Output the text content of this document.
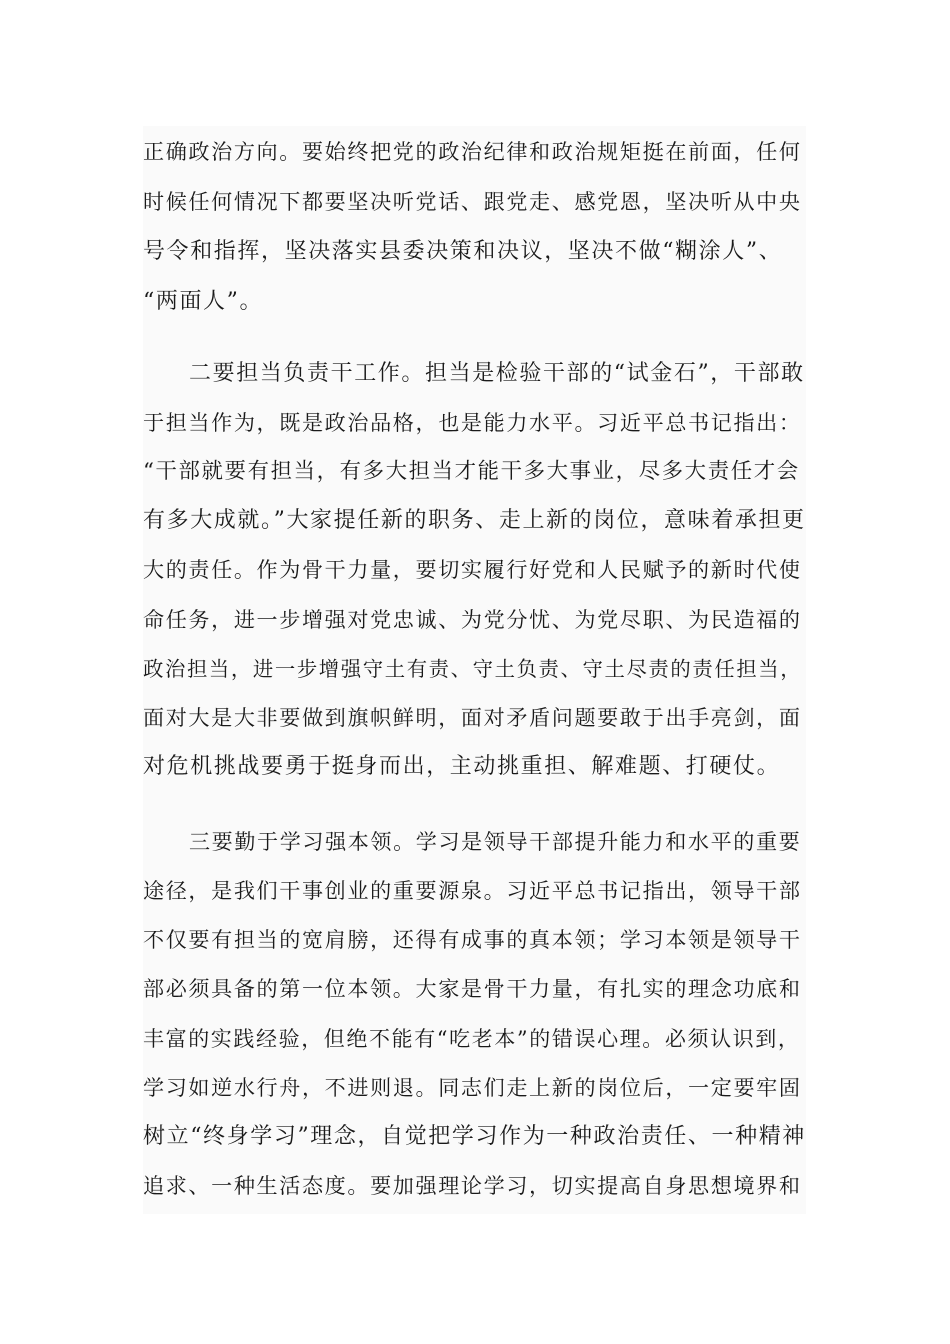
正确政治方向。要始终把党的政治纪律和政治规矩挺在前面，任何
时候任何情况下都要坚决听党话、跟党走、感党恩，坚决听从中央
号令和指挥，坚决落实县委决策和决议，坚决不做“糊涂人”、
“两面人”。
二要担当负责干工作。担当是检验干部的“试金石”，干部敢
于担当作为，既是政治品格，也是能力水平。习近平总书记指出：
“干部就要有担当，有多大担当才能干多大事业，尽多大责任才会
有多大成就。”大家提任新的职务、走上新的岗位，意味着承担更
大的责任。作为骨干力量，要切实履行好党和人民赋予的新时代使
命任务，进一步增强对党忠诚、为党分忧、为党尽职、为民造福的
政治担当，进一步增强守土有责、守土负责、守土尽责的责任担当，
面对大是大非要做到旗帜鲜明，面对矛盾问题要敢于出手亮剑，面
对危机挑战要勇于挺身而出，主动挑重担、解难题、打硬仗。
三要勤于学习强本领。学习是领导干部提升能力和水平的重要
途径，是我们干事创业的重要源泉。习近平总书记指出，领导干部
不仅要有担当的宽肩膀，还得有成事的真本领；学习本领是领导干
部必须具备的第一位本领。大家是骨干力量，有扎实的理念功底和
丰富的实践经验，但绝不能有“吃老本”的错误心理。必须认识到，
学习如逆水行舟，不进则退。同志们走上新的岗位后，一定要牢固
树立“终身学习”理念，自觉把学习作为一种政治责任、一种精神
追求、一种生活态度。要加强理论学习，切实提高自身思想境界和
